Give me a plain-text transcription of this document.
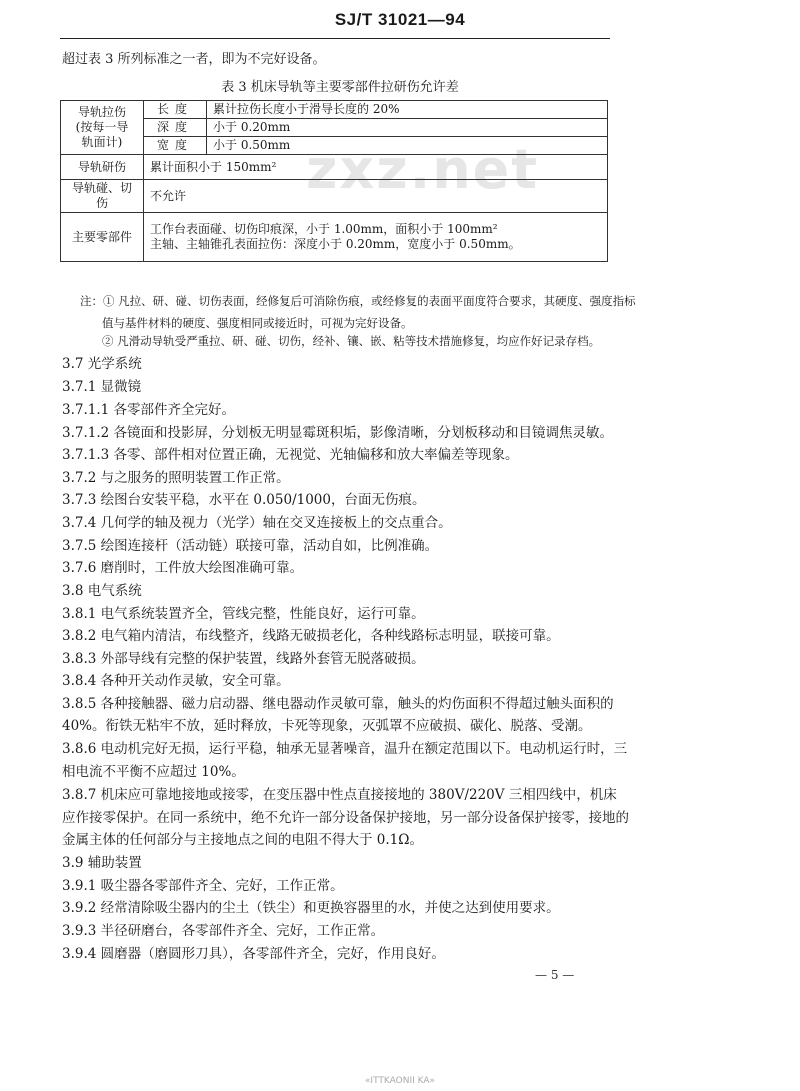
SJ/T 31021—94
zxz.net
超过表 3 所列标准之一者，即为不完好设备。
表 3 机床导轨等主要零部件拉研伤允许差
导轨拉伤
(按每一导
轨面计)	长度	累计拉伤长度小于滑导长度的 20%
	深度	小于 0.20mm
	宽度	小于 0.50mm
导轨研伤	累计面积小于 150mm²	
导轨碰、切伤	不允许	
主要零部件	工作台表面碰、切伤印痕深，小于 1.00mm，面积小于 100mm²
主轴、主轴锥孔表面拉伤：深度小于 0.20mm，宽度小于 0.50mm。	
注：① 凡拉、研、碰、切伤表面，经修复后可消除伤痕，或经修复的表面平面度符合要求，其硬度、强度指标
值与基件材料的硬度、强度相同或接近时，可视为完好设备。
② 凡滑动导轨受严重拉、研、碰、切伤，经补、镶、嵌、粘等技术措施修复，均应作好记录存档。
3.7 光学系统
3.7.1 显微镜
3.7.1.1 各零部件齐全完好。
3.7.1.2 各镜面和投影屏，分划板无明显霉斑积垢，影像清晰，分划板移动和目镜调焦灵敏。
3.7.1.3 各零、部件相对位置正确，无视觉、光轴偏移和放大率偏差等现象。
3.7.2 与之服务的照明装置工作正常。
3.7.3 绘图台安装平稳，水平在 0.050/1000，台面无伤痕。
3.7.4 几何学的轴及视力（光学）轴在交叉连接板上的交点重合。
3.7.5 绘图连接杆（活动链）联接可靠，活动自如，比例准确。
3.7.6 磨削时，工件放大绘图准确可靠。
3.8 电气系统
3.8.1 电气系统装置齐全，管线完整，性能良好，运行可靠。
3.8.2 电气箱内清洁，布线整齐，线路无破损老化，各种线路标志明显，联接可靠。
3.8.3 外部导线有完整的保护装置，线路外套管无脱落破损。
3.8.4 各种开关动作灵敏，安全可靠。
3.8.5 各种接触器、磁力启动器、继电器动作灵敏可靠，触头的灼伤面积不得超过触头面积的
40%。衔铁无粘牢不放，延时释放，卡死等现象，灭弧罩不应破损、碳化、脱落、受潮。
3.8.6 电动机完好无损，运行平稳，轴承无显著噪音，温升在额定范围以下。电动机运行时，三
相电流不平衡不应超过 10%。
3.8.7 机床应可靠地接地或接零，在变压器中性点直接接地的 380V/220V 三相四线中，机床
应作接零保护。在同一系统中，绝不允许一部分设备保护接地，另一部分设备保护接零，接地的
金属主体的任何部分与主接地点之间的电阻不得大于 0.1Ω。
3.9 辅助装置
3.9.1 吸尘器各零部件齐全、完好，工作正常。
3.9.2 经常清除吸尘器内的尘土（铁尘）和更换容器里的水，并使之达到使用要求。
3.9.3 半径研磨台，各零部件齐全、完好，工作正常。
3.9.4 圆磨器（磨圆形刀具），各零部件齐全，完好，作用良好。
— 5 —
«ITTKAONII KA»
